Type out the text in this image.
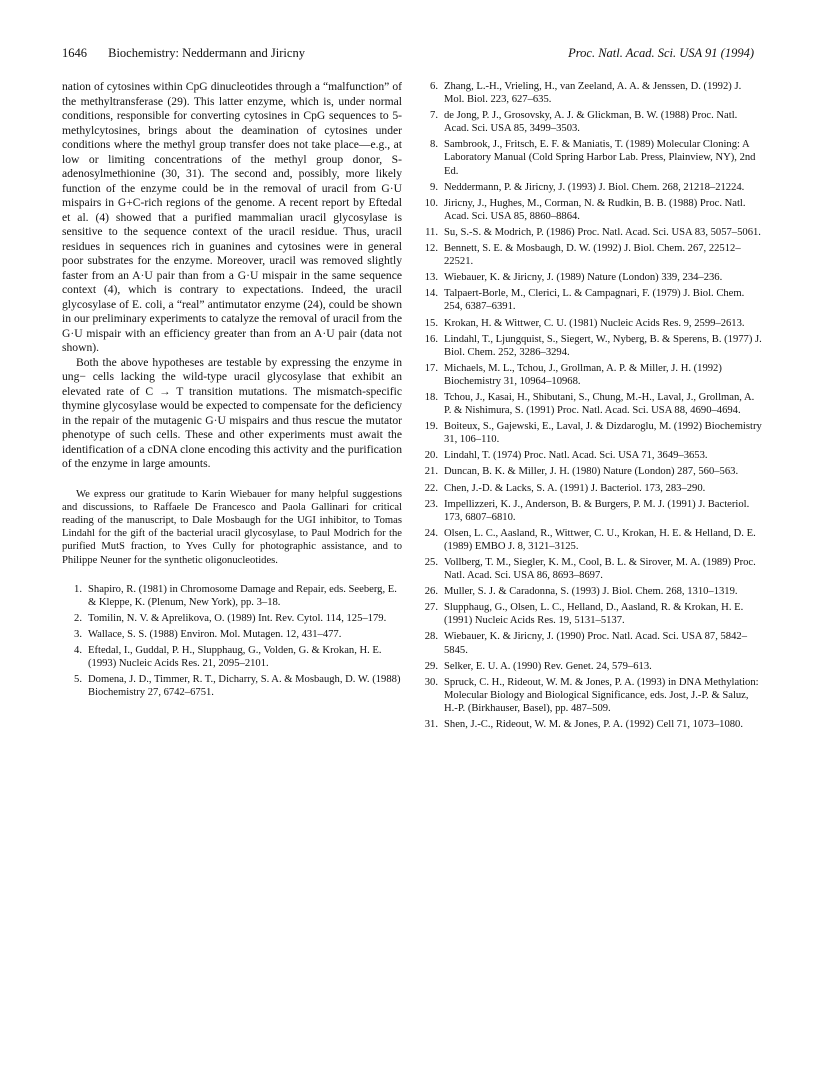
1646 Biochemistry: Neddermann and Jiricny	Proc. Natl. Acad. Sci. USA 91 (1994)

nation of cytosines within CpG dinucleotides through a “malfunction” of the methyltransferase (29). This latter enzyme, which is, under normal conditions, responsible for converting cytosines in CpG sequences to 5-methylcytosines, brings about the deamination of cytosines under conditions where the methyl group transfer does not take place—e.g., at low or limiting concentrations of the methyl group donor, S-adenosylmethionine (30, 31). The second and, possibly, more likely function of the enzyme could be in the removal of uracil from G·U mispairs in G+C-rich regions of the genome. A recent report by Eftedal et al. (4) showed that a purified mammalian uracil glycosylase is sensitive to the sequence context of the uracil residue. Thus, uracil residues in sequences rich in guanines and cytosines were in general poor substrates for the enzyme. Moreover, uracil was removed slightly faster from an A·U pair than from a G·U mispair in the same sequence context (4), which is contrary to expectations. Indeed, the uracil glycosylase of E. coli, a “real” antimutator enzyme (24), could be shown in our preliminary experiments to catalyze the removal of uracil from the G·U mispair with an efficiency greater than from an A·U pair (data not shown).

Both the above hypotheses are testable by expressing the enzyme in ung− cells lacking the wild-type uracil glycosylase that exhibit an elevated rate of C → T transition mutations. The mismatch-specific thymine glycosylase would be expected to compensate for the deficiency in the repair of the mutagenic G·U mispairs and thus rescue the mutator phenotype of such cells. These and other experiments must await the identification of a cDNA clone encoding this activity and the purification of the enzyme in large amounts.

We express our gratitude to Karin Wiebauer for many helpful suggestions and discussions, to Raffaele De Francesco and Paola Gallinari for critical reading of the manuscript, to Dale Mosbaugh for the UGI inhibitor, to Tomas Lindahl for the gift of the bacterial uracil glycosylase, to Paul Modrich for the purified MutS fraction, to Yves Cully for photographic assistance, and to Philippe Neuner for the synthetic oligonucleotides.

1. Shapiro, R. (1981) in Chromosome Damage and Repair, eds. Seeberg, E. & Kleppe, K. (Plenum, New York), pp. 3–18.
2. Tomilin, N. V. & Aprelikova, O. (1989) Int. Rev. Cytol. 114, 125–179.
3. Wallace, S. S. (1988) Environ. Mol. Mutagen. 12, 431–477.
4. Eftedal, I., Guddal, P. H., Slupphaug, G., Volden, G. & Krokan, H. E. (1993) Nucleic Acids Res. 21, 2095–2101.
5. Domena, J. D., Timmer, R. T., Dicharry, S. A. & Mosbaugh, D. W. (1988) Biochemistry 27, 6742–6751.
6. Zhang, L.-H., Vrieling, H., van Zeeland, A. A. & Jenssen, D. (1992) J. Mol. Biol. 223, 627–635.
7. de Jong, P. J., Grosovsky, A. J. & Glickman, B. W. (1988) Proc. Natl. Acad. Sci. USA 85, 3499–3503.
8. Sambrook, J., Fritsch, E. F. & Maniatis, T. (1989) Molecular Cloning: A Laboratory Manual (Cold Spring Harbor Lab. Press, Plainview, NY), 2nd Ed.
9. Neddermann, P. & Jiricny, J. (1993) J. Biol. Chem. 268, 21218–21224.
10. Jiricny, J., Hughes, M., Corman, N. & Rudkin, B. B. (1988) Proc. Natl. Acad. Sci. USA 85, 8860–8864.
11. Su, S.-S. & Modrich, P. (1986) Proc. Natl. Acad. Sci. USA 83, 5057–5061.
12. Bennett, S. E. & Mosbaugh, D. W. (1992) J. Biol. Chem. 267, 22512–22521.
13. Wiebauer, K. & Jiricny, J. (1989) Nature (London) 339, 234–236.
14. Talpaert-Borle, M., Clerici, L. & Campagnari, F. (1979) J. Biol. Chem. 254, 6387–6391.
15. Krokan, H. & Wittwer, C. U. (1981) Nucleic Acids Res. 9, 2599–2613.
16. Lindahl, T., Ljungquist, S., Siegert, W., Nyberg, B. & Sperens, B. (1977) J. Biol. Chem. 252, 3286–3294.
17. Michaels, M. L., Tchou, J., Grollman, A. P. & Miller, J. H. (1992) Biochemistry 31, 10964–10968.
18. Tchou, J., Kasai, H., Shibutani, S., Chung, M.-H., Laval, J., Grollman, A. P. & Nishimura, S. (1991) Proc. Natl. Acad. Sci. USA 88, 4690–4694.
19. Boiteux, S., Gajewski, E., Laval, J. & Dizdaroglu, M. (1992) Biochemistry 31, 106–110.
20. Lindahl, T. (1974) Proc. Natl. Acad. Sci. USA 71, 3649–3653.
21. Duncan, B. K. & Miller, J. H. (1980) Nature (London) 287, 560–563.
22. Chen, J.-D. & Lacks, S. A. (1991) J. Bacteriol. 173, 283–290.
23. Impellizzeri, K. J., Anderson, B. & Burgers, P. M. J. (1991) J. Bacteriol. 173, 6807–6810.
24. Olsen, L. C., Aasland, R., Wittwer, C. U., Krokan, H. E. & Helland, D. E. (1989) EMBO J. 8, 3121–3125.
25. Vollberg, T. M., Siegler, K. M., Cool, B. L. & Sirover, M. A. (1989) Proc. Natl. Acad. Sci. USA 86, 8693–8697.
26. Muller, S. J. & Caradonna, S. (1993) J. Biol. Chem. 268, 1310–1319.
27. Slupphaug, G., Olsen, L. C., Helland, D., Aasland, R. & Krokan, H. E. (1991) Nucleic Acids Res. 19, 5131–5137.
28. Wiebauer, K. & Jiricny, J. (1990) Proc. Natl. Acad. Sci. USA 87, 5842–5845.
29. Selker, E. U. A. (1990) Rev. Genet. 24, 579–613.
30. Spruck, C. H., Rideout, W. M. & Jones, P. A. (1993) in DNA Methylation: Molecular Biology and Biological Significance, eds. Jost, J.-P. & Saluz, H.-P. (Birkhauser, Basel), pp. 487–509.
31. Shen, J.-C., Rideout, W. M. & Jones, P. A. (1992) Cell 71, 1073–1080.
